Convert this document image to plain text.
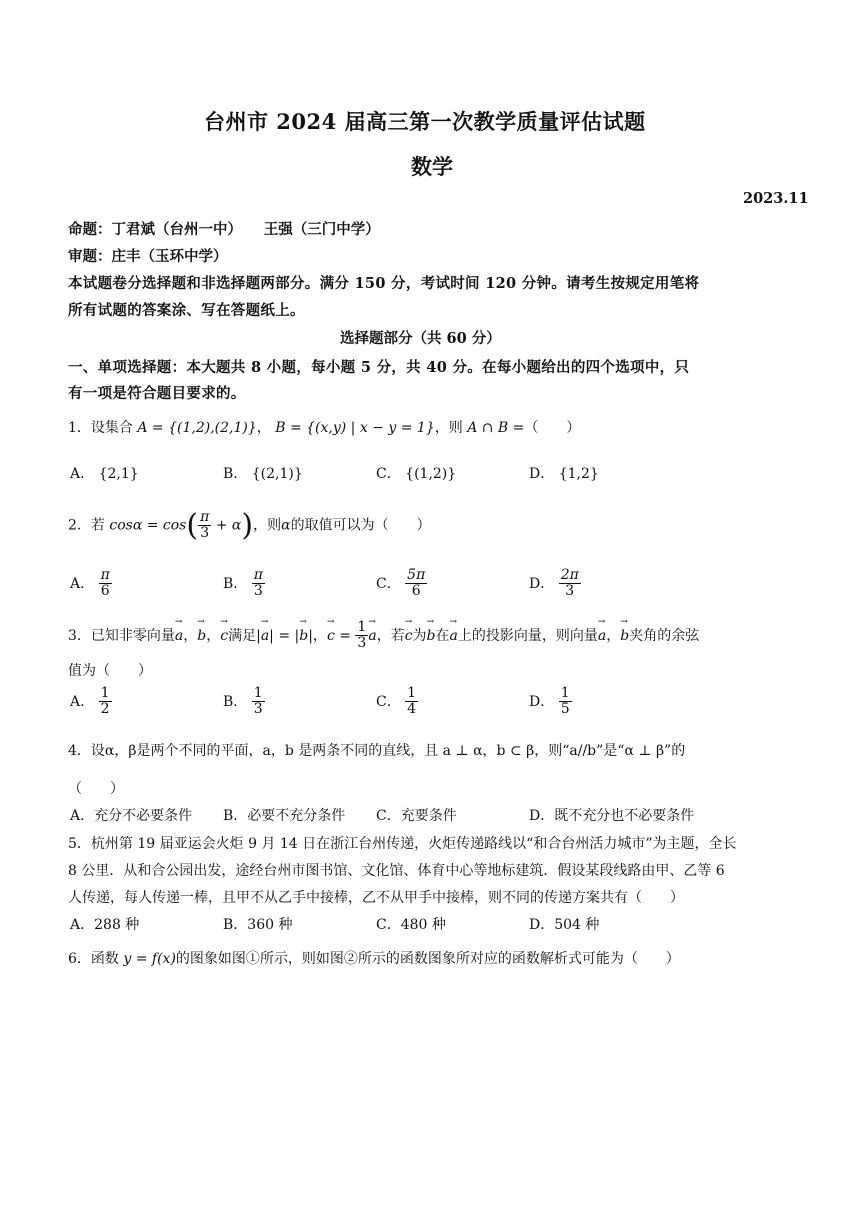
台州市 2024 届高三第一次教学质量评估试题
数学
2023.11
命题：丁君斌（台州一中）　　王强（三门中学）
审题：庄丰（玉环中学）
本试题卷分选择题和非选择题两部分。满分 150 分，考试时间 120 分钟。请考生按规定用笔将
所有试题的答案涂、写在答题纸上。
选择题部分（共 60 分）
一、单项选择题：本大题共 8 小题，每小题 5 分，共 40 分。在每小题给出的四个选项中，只
有一项是符合题目要求的。
1．设集合 A = {(1,2),(2,1)}， B = {(x,y) | x − y = 1}，则 A ∩ B =（　　）
A． {2,1}	B． {(2,1)}	C． {(1,2)}	D． {1,2}
2．若 $\cos\alpha = \cos( \frac{\pi}{3} + \alpha)$，则α的取值可以为（　　）
A． $\frac{\pi}{6}$	B． $\frac{\pi}{3}$	C． $\frac{5\pi}{6}$	D． $\frac{2\pi}{3}$
3．已知非零向量→ a，→ b，→ c满足|→ a| = |→ b|，→ $c = \frac{1}{3}$
→ a，若→ c为→ b在→ a上的投影向量，则向量→ a，→ b夹角的余弦
值为（　　）
A． $\frac{1}{2}$	B． $\frac{1}{3}$	C． $\frac{1}{4}$	D． $\frac{1}{5}$
4．设α，β是两个不同的平面，a，b 是两条不同的直线，且 a ⊥ α，b ⊂ β，则“a//b”是“α ⊥ β”的
（　　）
A．充分不必要条件 B．必要不充分条件 C．充要条件	D．既不充分也不必要条件
5．杭州第 19 届亚运会火炬 9 月 14 日在浙江台州传递，火炬传递路线以“和合台州活力城市”为主题，全长
8 公里．从和合公园出发，途经台州市图书馆、文化馆、体育中心等地标建筑．假设某段线路由甲、乙等 6
人传递，每人传递一棒，且甲不从乙手中接棒，乙不从甲手中接棒，则不同的传递方案共有（　　）
A．288 种	B．360 种	C．480 种	D．504 种
6．函数 y = f(x)的图象如图①所示，则如图②所示的函数图象所对应的函数解析式可能为（　　）
